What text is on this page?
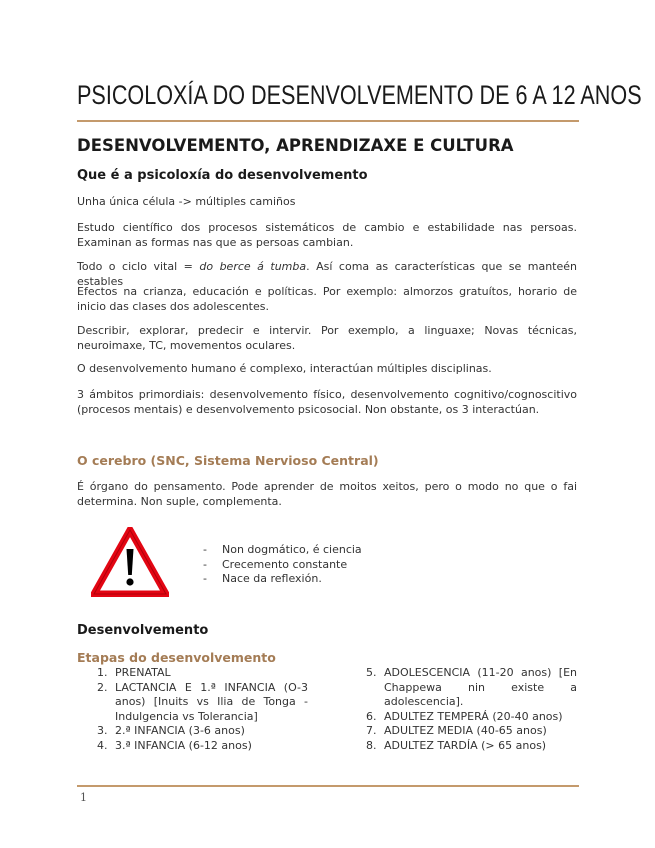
PSICOLOXÍA DO DESENVOLVEMENTO DE 6 A 12 ANOS
DESENVOLVEMENTO, APRENDIZAXE E CULTURA
Que é a psicoloxía do desenvolvemento

Unha única célula -> múltiples camiños

Estudo científico dos procesos sistemáticos de cambio e estabilidade nas persoas. Examinan as formas nas que as persoas cambian.

Todo o ciclo vital = do berce á tumba. Así coma as características que se manteén estables

Efectos na crianza, educación e políticas. Por exemplo: almorzos gratuítos, horario de inicio das clases dos adolescentes.

Describir, explorar, predecir e intervir. Por exemplo, a linguaxe; Novas técnicas, neuroimaxe, TC, movementos oculares.

O desenvolvemento humano é complexo, interactúan múltiples disciplinas.

3 ámbitos primordiais: desenvolvemento físico, desenvolvemento cognitivo/cognoscitivo (procesos mentais) e desenvolvemento psicosocial. Non obstante, os 3 interactúan.

O cerebro (SNC, Sistema Nervioso Central)

É órgano do pensamento. Pode aprender de moitos xeitos, pero o modo no que o fai determina. Non suple, complementa.

- Non dogmático, é ciencia
- Crecemento constante
- Nace da reflexión.
Desenvolvemento
Etapas do desenvolvemento
1. PRENATAL
2. LACTANCIA E 1.ª INFANCIA (O-3 anos) [Inuits vs Ilia de Tonga - Indulgencia vs Tolerancia]
3. 2.ª INFANCIA (3-6 anos)
4. 3.ª INFANCIA (6-12 anos)
5. ADOLESCENCIA (11-20 anos) [En Chappewa nin existe a adolescencia].
6. ADULTEZ TEMPERÁ (20-40 anos)
7. ADULTEZ MEDIA (40-65 anos)
8. ADULTEZ TARDÍA (> 65 anos)
1
